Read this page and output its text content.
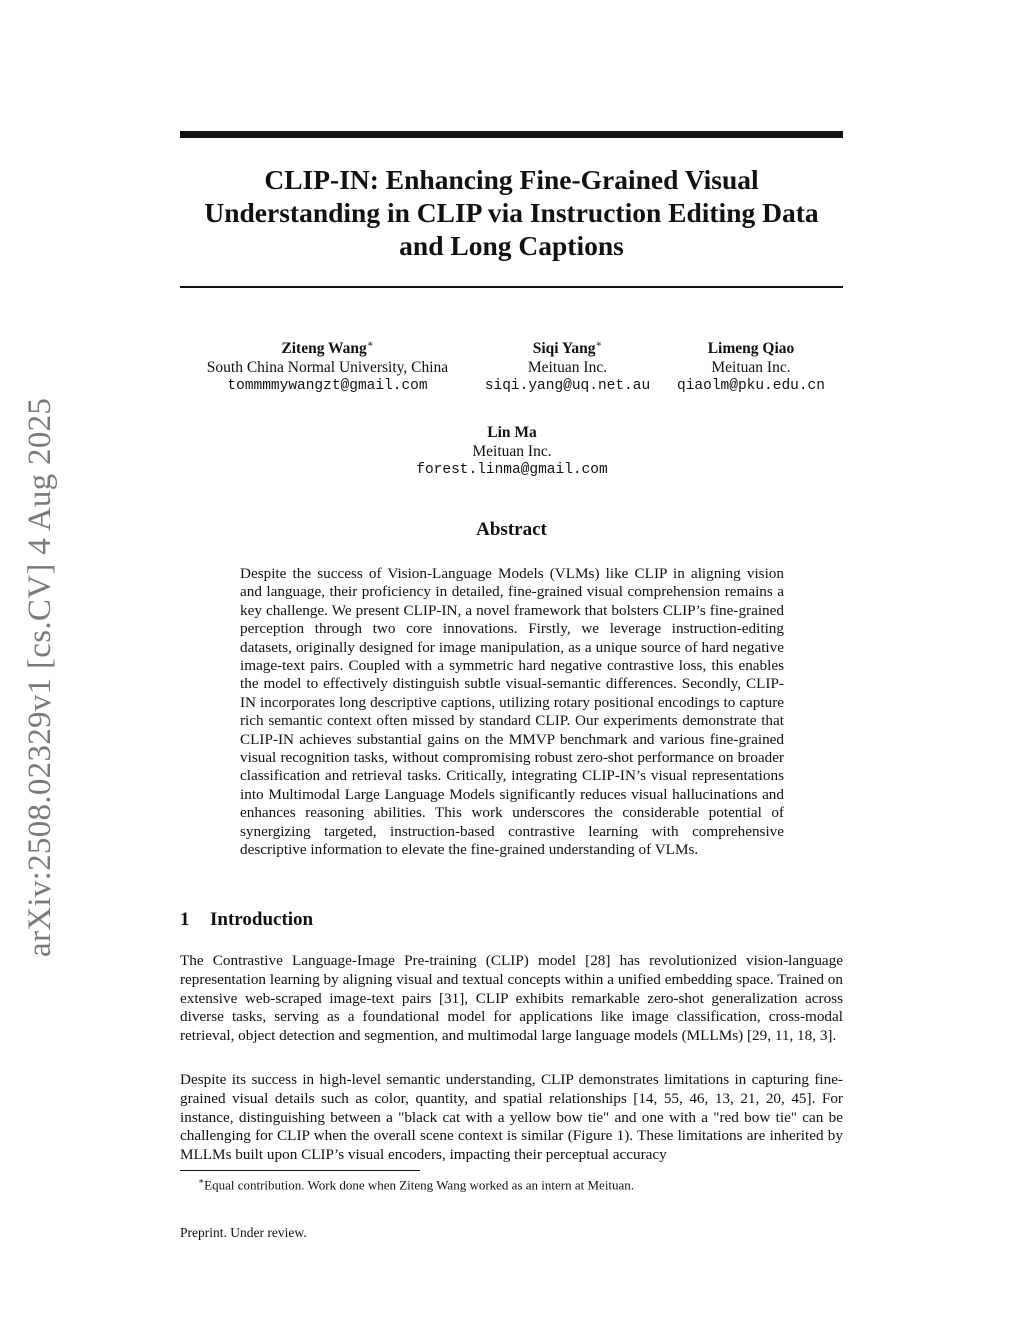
arXiv:2508.02329v1 [cs.CV] 4 Aug 2025
CLIP-IN: Enhancing Fine-Grained Visual
Understanding in CLIP via Instruction Editing Data
and Long Captions
Ziteng Wang∗
South China Normal University, China
tommmmywangzt@gmail.com
Siqi Yang∗
Meituan Inc.
siqi.yang@uq.net.au
Limeng Qiao
Meituan Inc.
qiaolm@pku.edu.cn
Lin Ma
Meituan Inc.
forest.linma@gmail.com
Abstract
Despite the success of Vision-Language Models (VLMs) like CLIP in aligning vision and language, their proficiency in detailed, fine-grained visual comprehension remains a key challenge. We present CLIP-IN, a novel framework that bolsters CLIP’s fine-grained perception through two core innovations. Firstly, we leverage instruction-editing datasets, originally designed for image manipulation, as a unique source of hard negative image-text pairs. Coupled with a symmetric hard negative contrastive loss, this enables the model to effectively distinguish subtle visual-semantic differences. Secondly, CLIP-IN incorporates long descriptive captions, utilizing rotary positional encodings to capture rich semantic context often missed by standard CLIP. Our experiments demonstrate that CLIP-IN achieves substantial gains on the MMVP benchmark and various fine-grained visual recognition tasks, without compromising robust zero-shot performance on broader classification and retrieval tasks. Critically, integrating CLIP-IN’s visual representations into Multimodal Large Language Models significantly reduces visual hallucinations and enhances reasoning abilities. This work underscores the considerable potential of synergizing targeted, instruction-based contrastive learning with comprehensive descriptive information to elevate the fine-grained understanding of VLMs.
1 Introduction
The Contrastive Language-Image Pre-training (CLIP) model [28] has revolutionized vision-language representation learning by aligning visual and textual concepts within a unified embedding space. Trained on extensive web-scraped image-text pairs [31], CLIP exhibits remarkable zero-shot generalization across diverse tasks, serving as a foundational model for applications like image classification, cross-modal retrieval, object detection and segmention, and multimodal large language models (MLLMs) [29, 11, 18, 3].
Despite its success in high-level semantic understanding, CLIP demonstrates limitations in capturing fine-grained visual details such as color, quantity, and spatial relationships [14, 55, 46, 13, 21, 20, 45]. For instance, distinguishing between a "black cat with a yellow bow tie" and one with a "red bow tie" can be challenging for CLIP when the overall scene context is similar (Figure 1). These limitations are inherited by MLLMs built upon CLIP’s visual encoders, impacting their perceptual accuracy
∗Equal contribution. Work done when Ziteng Wang worked as an intern at Meituan.
Preprint. Under review.
